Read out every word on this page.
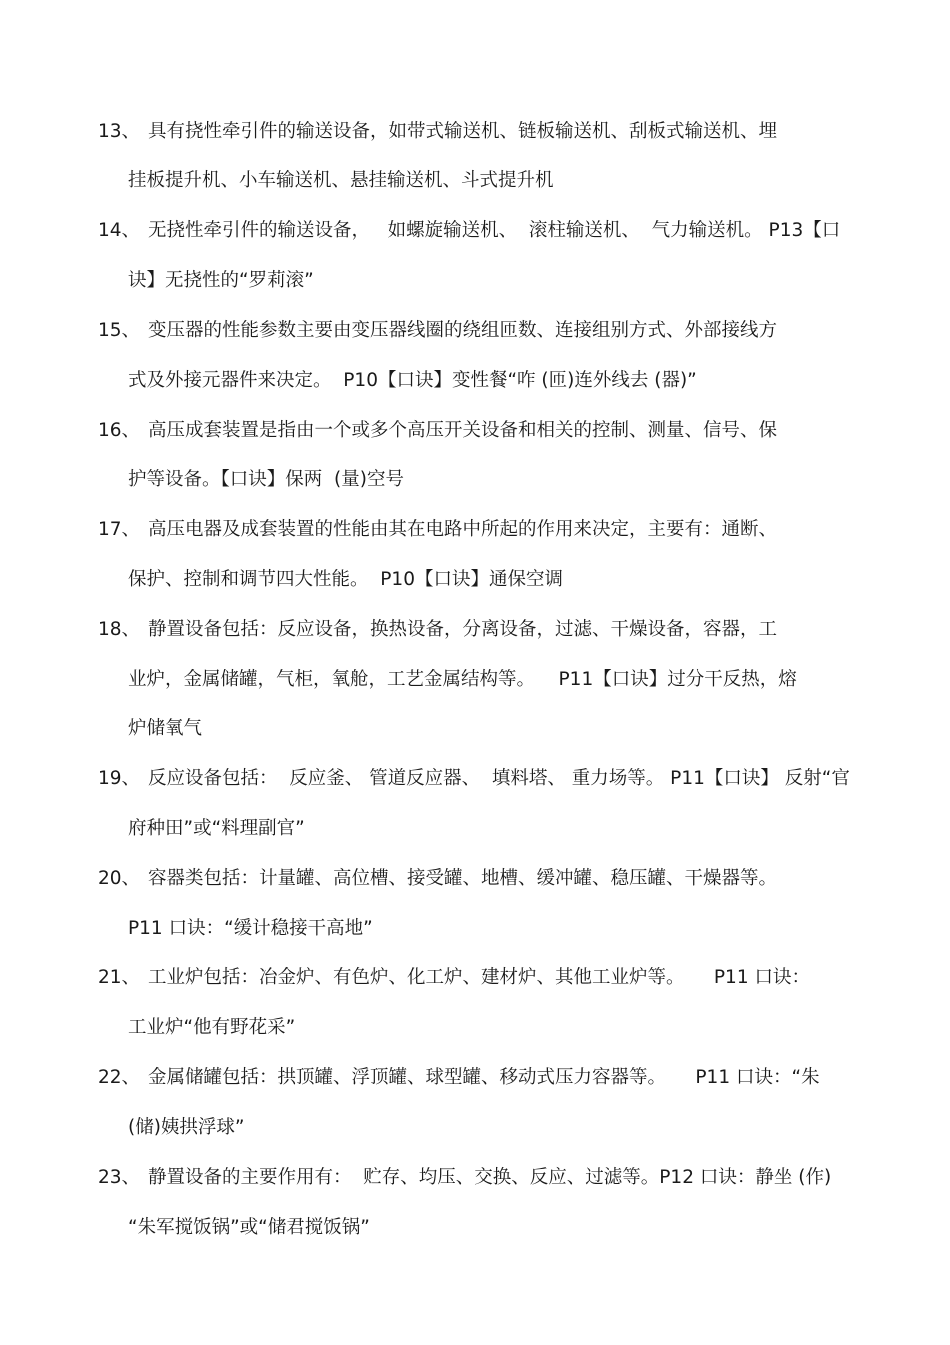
13、 具有挠性牵引件的输送设备，如带式输送机、链板输送机、刮板式输送机、埋
挂板提升机、小车输送机、悬挂输送机、斗式提升机
14、 无挠性牵引件的输送设备，   如螺旋输送机、  滚柱输送机、  气力输送机。 P13【口
诀】无挠性的“罗莉滚”
15、 变压器的性能参数主要由变压器线圈的绕组匝数、连接组别方式、外部接线方
式及外接元器件来决定。  P10【口诀】变性餐“咋 (匝)连外线去 (器)”
16、 高压成套装置是指由一个或多个高压开关设备和相关的控制、测量、信号、保
护等设备。【口诀】保两  (量)空号
17、 高压电器及成套装置的性能由其在电路中所起的作用来决定，主要有：通断、
保护、控制和调节四大性能。  P10【口诀】通保空调
18、 静置设备包括：反应设备，换热设备，分离设备，过滤、干燥设备，容器，工
业炉，金属储罐，气柜，氧舱，工艺金属结构等。    P11【口诀】过分干反热，熔
炉储氧气
19、 反应设备包括：  反应釜、 管道反应器、  填料塔、 重力场等。 P11【口诀】 反射“官
府种田”或“料理副官”
20、 容器类包括：计量罐、高位槽、接受罐、地槽、缓冲罐、稳压罐、干燥器等。
P11 口诀：“缓计稳接干高地”
21、 工业炉包括：冶金炉、有色炉、化工炉、建材炉、其他工业炉等。     P11 口诀：
工业炉“他有野花采”
22、 金属储罐包括：拱顶罐、浮顶罐、球型罐、移动式压力容器等。     P11 口诀：“朱
(储)姨拱浮球”
23、 静置设备的主要作用有：  贮存、均压、交换、反应、过滤等。P12 口诀：静坐 (作)
“朱军搅饭锅”或“储君搅饭锅”
